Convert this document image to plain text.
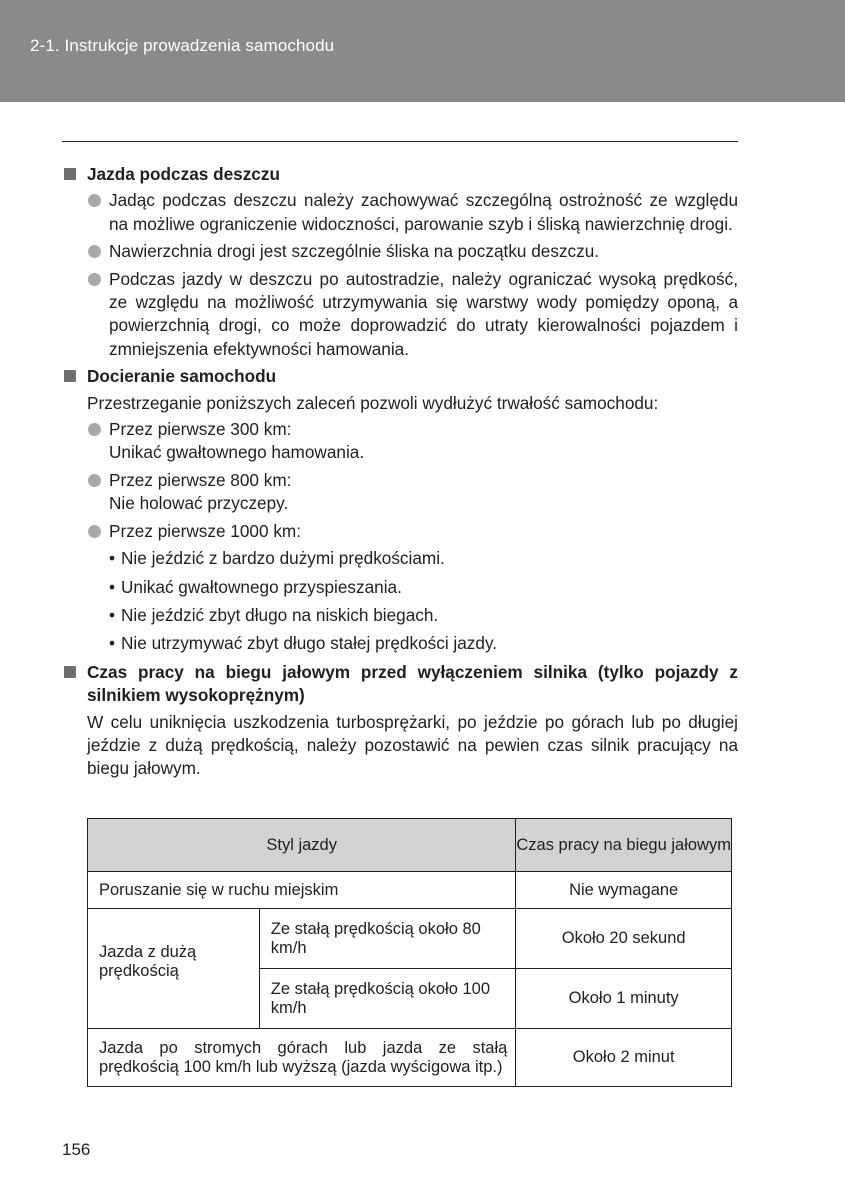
2-1. Instrukcje prowadzenia samochodu
Jazda podczas deszczu
Jadąc podczas deszczu należy zachowywać szczególną ostrożność ze względu na możliwe ograniczenie widoczności, parowanie szyb i śliską nawierzchnię drogi.
Nawierzchnia drogi jest szczególnie śliska na początku deszczu.
Podczas jazdy w deszczu po autostradzie, należy ograniczać wysoką prędkość, ze względu na możliwość utrzymywania się warstwy wody pomiędzy oponą, a powierzchnią drogi, co może doprowadzić do utraty kierowalności pojazdem i zmniejszenia efektywności hamowania.
Docieranie samochodu
Przestrzeganie poniższych zaleceń pozwoli wydłużyć trwałość samochodu:
Przez pierwsze 300 km:
Unikać gwałtownego hamowania.
Przez pierwsze 800 km:
Nie holować przyczepy.
Przez pierwsze 1000 km:
• Nie jeździć z bardzo dużymi prędkościami.
• Unikać gwałtownego przyspieszania.
• Nie jeździć zbyt długo na niskich biegach.
• Nie utrzymywać zbyt długo stałej prędkości jazdy.
Czas pracy na biegu jałowym przed wyłączeniem silnika (tylko pojazdy z silnikiem wysokoprężnym)
W celu uniknięcia uszkodzenia turbosprężarki, po jeździe po górach lub po długiej jeździe z dużą prędkością, należy pozostawić na pewien czas silnik pracujący na biegu jałowym.
Styl jazdy		Czas pracy na biegu jałowym
Poruszanie się w ruchu miejskim		Nie wymagane

Jazda z dużą prędkością	Ze stałą prędkością około 80 km/h	Około 20 sekund
	Ze stałą prędkością około 100 km/h	Około 1 minuty
Jazda po stromych górach lub jazda ze stałą prędkością 100 km/h lub wyższą (jazda wyścigowa itp.)		Około 2 minut
156
